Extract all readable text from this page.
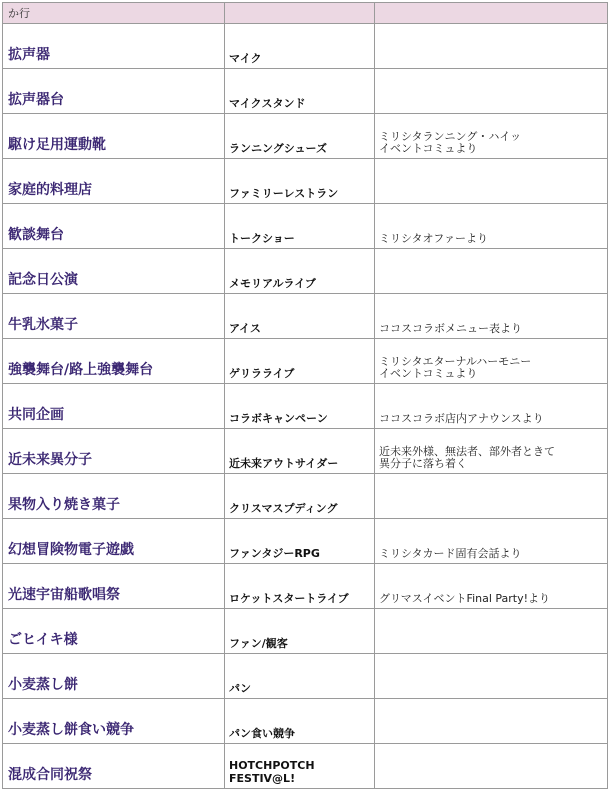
か行		
拡声器	マイク	
拡声器台	マイクスタンド	
駆け足用運動靴	ランニングシューズ	ミリシタランニング・ハイッ
イベントコミュより
家庭的料理店	ファミリーレストラン	
歓談舞台	トークショー	ミリシタオファーより
記念日公演	メモリアルライブ	
牛乳氷菓子	アイス	ココスコラボメニュー表より
強襲舞台/路上強襲舞台	ゲリラライブ	ミリシタエターナルハーモニー
イベントコミュより
共同企画	コラボキャンペーン	ココスコラボ店内アナウンスより
近未来異分子	近未来アウトサイダー	近未来外様、無法者、部外者ときて
異分子に落ち着く
果物入り焼き菓子	クリスマスプディング	
幻想冒険物電子遊戯	ファンタジーRPG	ミリシタカード固有会話より
光速宇宙船歌唱祭	ロケットスタートライブ	グリマスイベントFinal Party!より
ごヒイキ様	ファン/観客	
小麦蒸し餅	パン	
小麦蒸し餅食い競争	パン食い競争	
混成合同祝祭	HOTCHPOTCH
FESTIV@L!	
